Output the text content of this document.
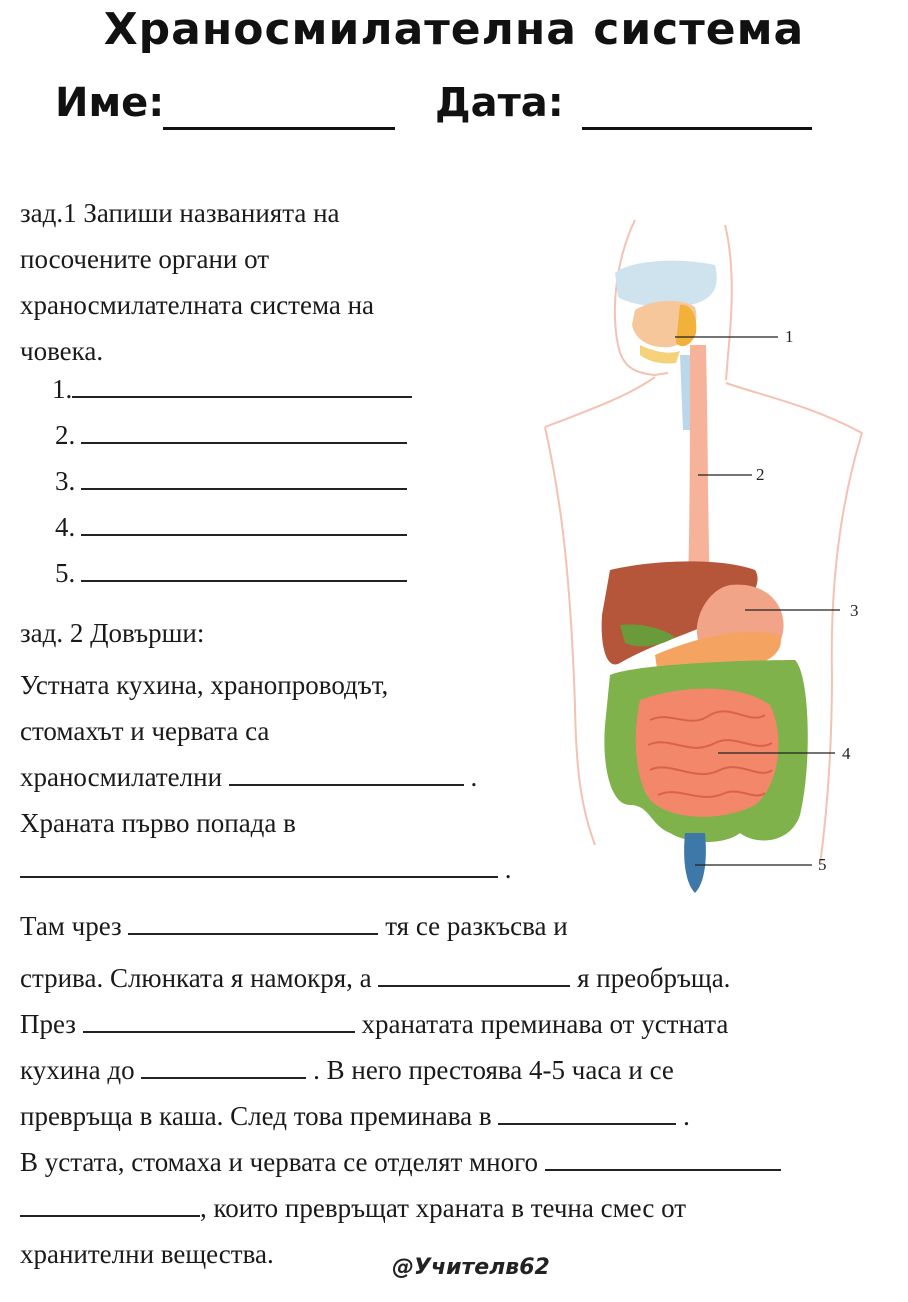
Храносмилателна система
Име:	Дата:
зад.1 Запиши названията на
посочените органи от
храносмилателната система на
човека.
1.
2.
3.
4.
5.
зад. 2 Довърши:
Устната кухина, хранопроводът,
стомахът и червата са
храносмилателни	.
Храната първо попада в
.
Там чрез	тя се разкъсва и
стрива. Слюнката я намокря, а	я преобръща.
През	хранатата преминава от устната
кухина до	. В него престоява 4-5 часа и се
превръща в каша. След това преминава в	.
В устата, стомаха и червата се отделят много
, които превръщат храната в течна смес от
хранителни вещества.	@Учителв62
1
2
3
4
5
